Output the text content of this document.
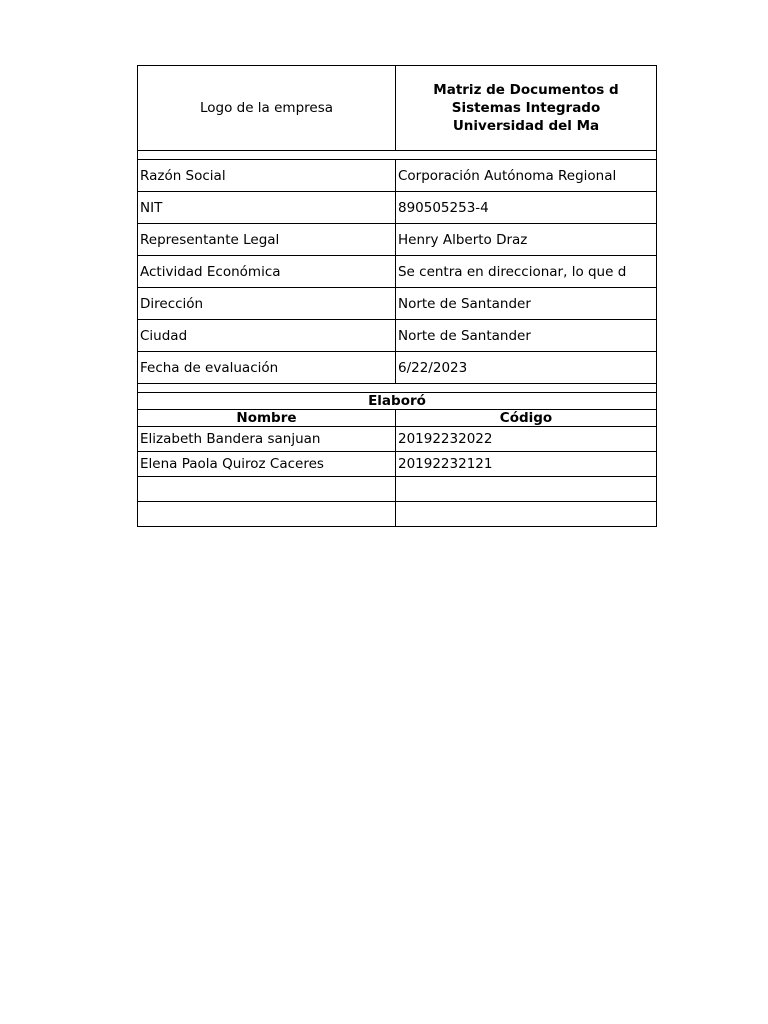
Logo de la empresa	Matriz de Documentos d
Sistemas Integrado
Universidad del Ma

Razón Social	Corporación Autónoma Regional
NIT	890505253-4
Representante Legal	Henry Alberto Draz
Actividad Económica	Se centra en direccionar, lo que d
Dirección	Norte de Santander
Ciudad	Norte de Santander
Fecha de evaluación	6/22/2023

Elaboró	
Nombre	Código
Elizabeth Bandera sanjuan	20192232022
Elena Paola Quiroz Caceres	20192232121
